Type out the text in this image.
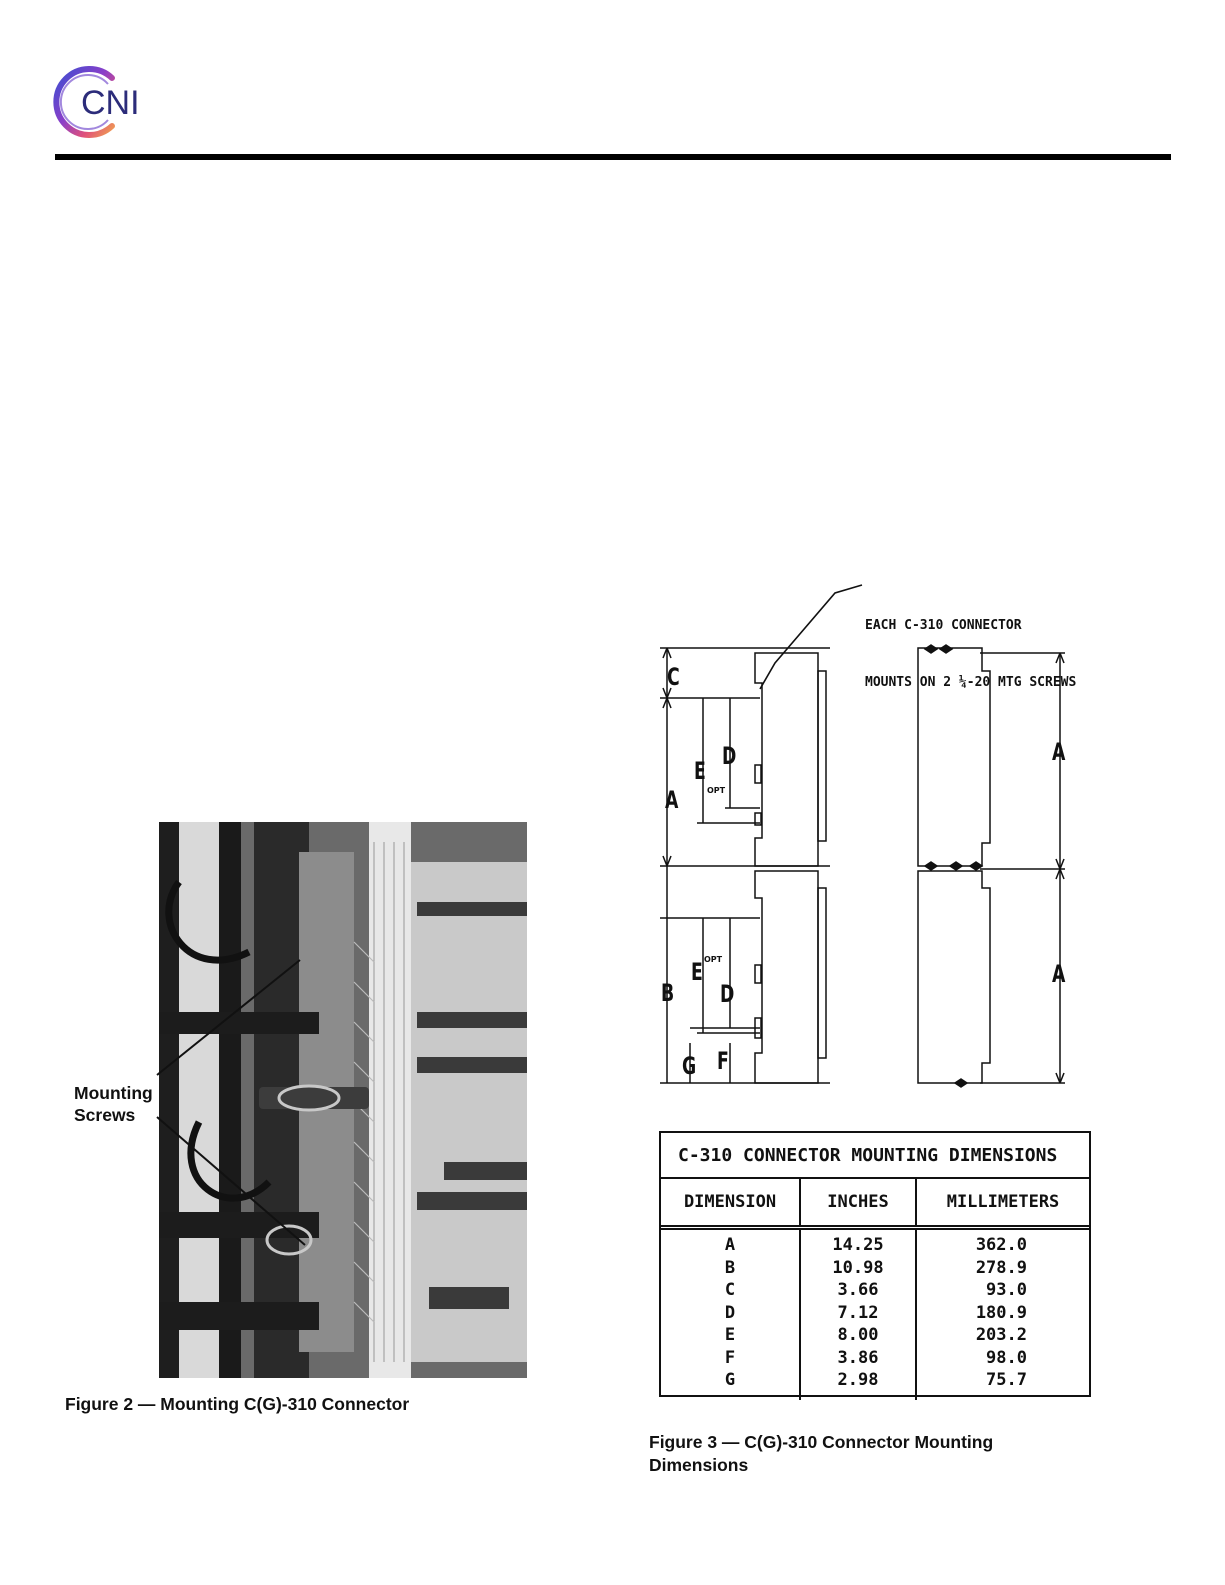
CNI
Mounting
Screws
Figure 2 — Mounting C(G)-310 Connector

EACH C-310 CONNECTOR

MOUNTS ON 2 ¼-20 MTG SCREWS

C
A
E
OPT
D
B
E OPT
D
G F
A
A
C-310 CONNECTOR MOUNTING DIMENSIONS
DIMENSION	INCHES	MILLIMETERS
A
B
C
D
E
F
G
14.25
10.98
3.66
7.12
8.00
3.86
2.98
362.0
278.9
93.0
180.9
203.2
98.0
75.7
Figure 3 — C(G)-310 Connector Mounting
Dimensions
